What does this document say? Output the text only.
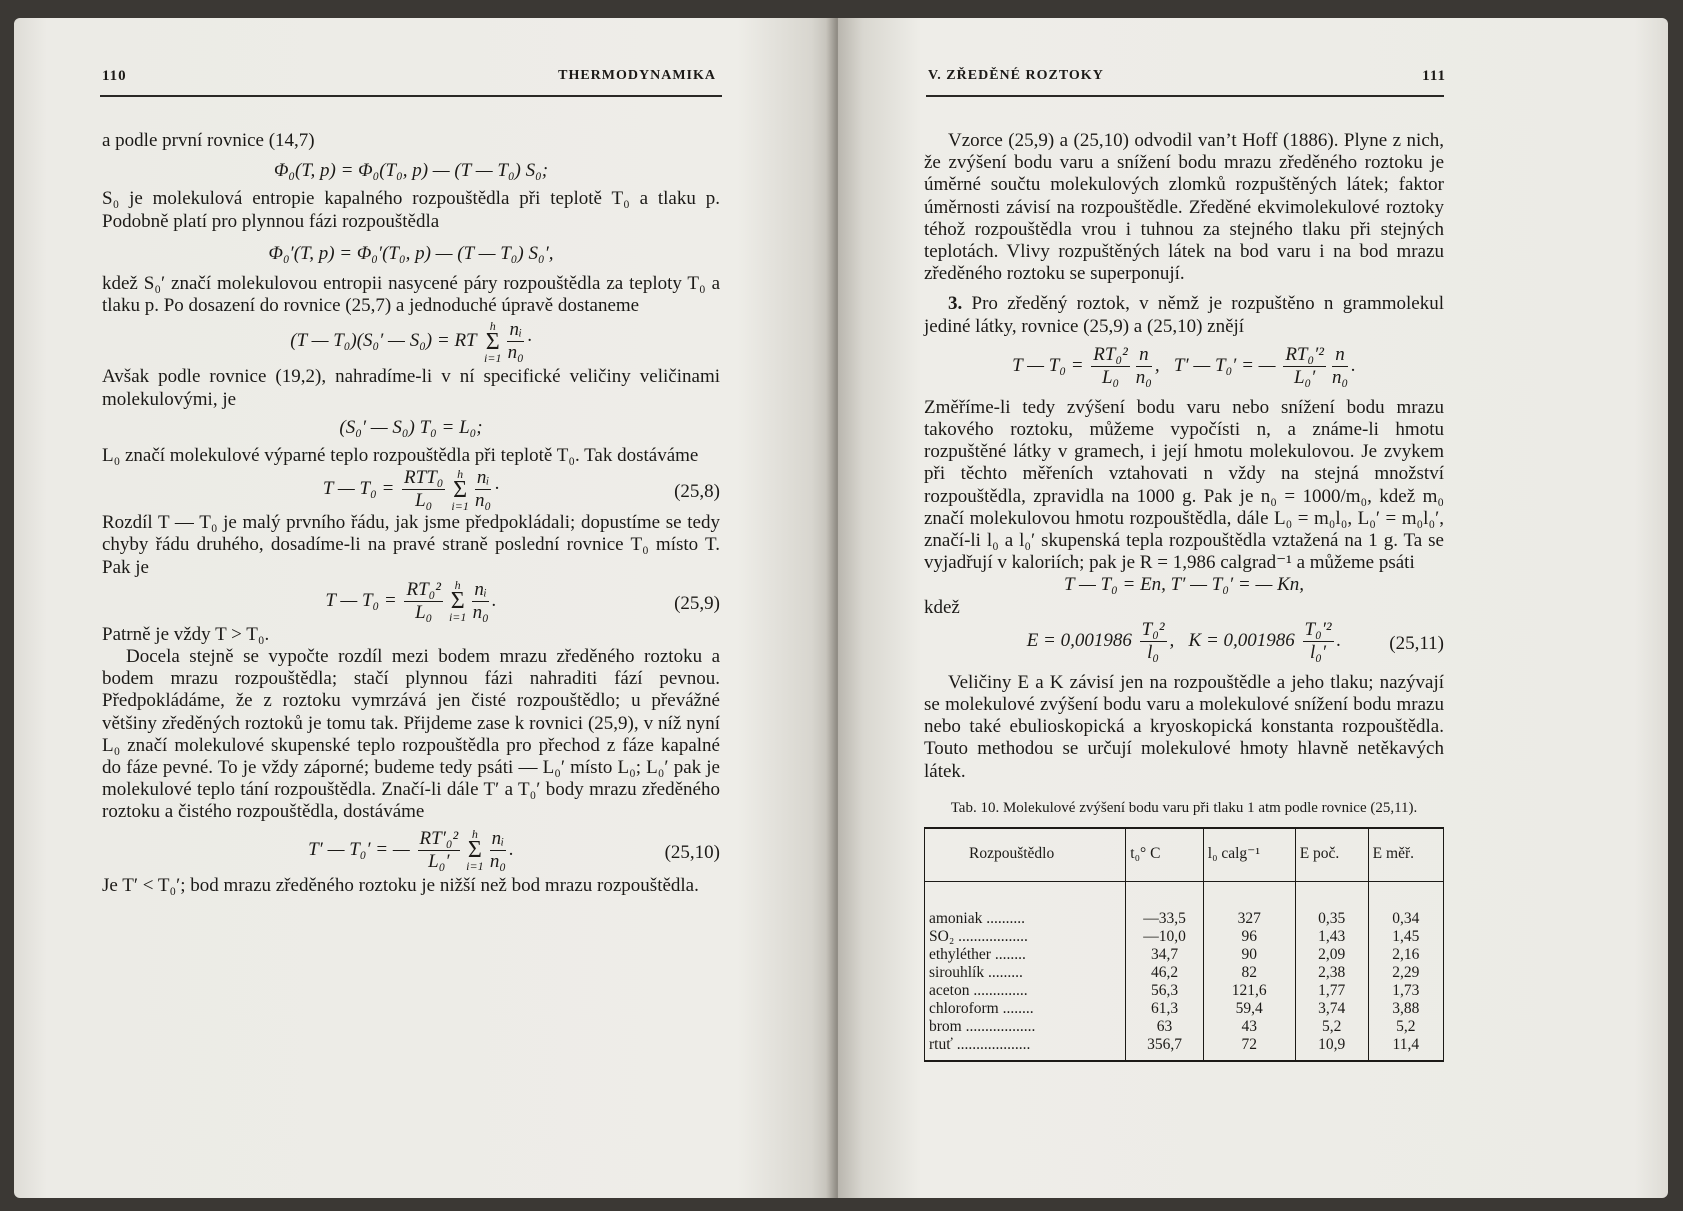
110	THERMODYNAMIKA

a podle první rovnice (14,7)

Φ₀(T, p) = Φ₀(T₀, p) — (T — T₀) S₀;

S₀ je molekulová entropie kapalného rozpouštědla při teplotě T₀ a tlaku p. Podobně platí pro plynnou fázi rozpouštědla

Φ₀′(T, p) = Φ₀′(T₀, p) — (T — T₀) S₀′,

kdež S₀′ značí molekulovou entropii nasycené páry rozpouštědla za teploty T₀ a tlaku p. Po dosazení do rovnice (25,7) a jednoduché úpravě dostaneme

(T — T₀)(S₀′ — S₀) = RT h
Σ
$i=1 \frac{\text{nᵢ}}{\text{n₀}}$ ·

Avšak podle rovnice (19,2), nahradíme-li v ní specifické veličiny veličinami molekulovými, je

(S₀′ — S₀) T₀ = L₀;

L₀ značí molekulové výparné teplo rozpouštědla při teplotě T₀. Tak dostáváme

T — T₀ =
RTT₀
L₀
h
Σ
$i=1 \frac{\text{nᵢ}}{\text{n₀}}$ ·	(25,8)

Rozdíl T — T₀ je malý prvního řádu, jak jsme předpokládali; dopustíme se tedy chyby řádu druhého, dosadíme-li na pravé straně poslední rovnice T₀ místo T. Pak je

T — $T_0 = \frac{\text{RT₀²}}{\text{L₀}}$ h
Σ
$i=1 \frac{\text{nᵢ}}{\text{n₀}}$ .	(25,9)

Patrně je vždy T > T₀.

Docela stejně se vypočte rozdíl mezi bodem mrazu zředěného roztoku a bodem mrazu rozpouštědla; stačí plynnou fázi nahraditi fází pevnou. Předpokládáme, že z roztoku vymrzává jen čisté rozpouštědlo; u převážné většiny zředěných roztoků je tomu tak. Přijdeme zase k rovnici (25,9), v níž nyní L₀ značí molekulové skupenské teplo rozpouštědla pro přechod z fáze kapalné do fáze pevné. To je vždy záporné; budeme tedy psáti — L₀′ místo L₀; L₀′ pak je molekulové teplo tání rozpouštědla. Značí-li dále T′ a T₀′ body mrazu zředěného roztoku a čistého rozpouštědla, dostáváme

T′ — T₀′ = — $\frac{\text{RT′₀²}}{\text{L₀′}}$ h
Σ
$i=1 \frac{\text{nᵢ}}{\text{n₀}}$ .	(25,10)

Je T′ < T₀′; bod mrazu zředěného roztoku je nižší než bod mrazu rozpouštědla.

V. ZŘEDĚNÉ ROZTOKY	111

Vzorce (25,9) a (25,10) odvodil van’t Hoff (1886). Plyne z nich, že zvýšení bodu varu a snížení bodu mrazu zředěného roztoku je úměrné součtu molekulových zlomků rozpuštěných látek; faktor úměrnosti závisí na rozpouštědle. Zředěné ekvimolekulové roztoky téhož rozpouštědla vrou i tuhnou za stejného tlaku při stejných teplotách. Vlivy rozpuštěných látek na bod varu i na bod mrazu zředěného roztoku se superponují.

3. Pro zředěný roztok, v němž je rozpuštěno n grammolekul jediné látky, rovnice (25,9) a (25,10) znějí

T — $T_0 = \frac{\text{RT₀²}}{\text{L₀}} \frac{n}{\text{n₀}}$ ,   T′ — T₀′ = — $\frac{\text{RT₀′²}}{\text{L₀′}} \frac{n}{\text{n₀}}$ .

Změříme-li tedy zvýšení bodu varu nebo snížení bodu mrazu takového roztoku, můžeme vypočísti n, a známe-li hmotu rozpuštěné látky v gramech, i její hmotu molekulovou. Je zvykem při těchto měřeních vztahovati n vždy na stejná množství rozpouštědla, zpravidla na 1000 g. Pak je n₀ = 1000/m₀, kdež m₀ značí molekulovou hmotu rozpouštědla, dále L₀ = m₀l₀, L₀′ = m₀l₀′, značí-li l₀ a l₀′ skupenská tepla rozpouštědla vztažená na 1 g. Ta se vyjadřují v kaloriích; pak je R = 1,986 calgrad⁻¹ a můžeme psáti

T — T₀ = En, T′ — T₀′ = — Kn,

kdež

$E = 0,001986 \frac{\text{T₀²}}{\text{l₀}}$ ,   $K = 0,001986 \frac{\text{T₀′²}}{\text{l₀′}}$ .	(25,11)

Veličiny E a K závisí jen na rozpouštědle a jeho tlaku; nazývají se molekulové zvýšení bodu varu a molekulové snížení bodu mrazu nebo také ebulioskopická a kryoskopická konstanta rozpouštědla. Touto methodou se určují molekulové hmoty hlavně netěkavých látek.

Tab. 10. Molekulové zvýšení bodu varu při tlaku 1 atm podle rovnice (25,11).

Rozpouštědlo	t₀° C	l₀ calg⁻¹	E poč.	E měř.
amoniak ..........	—33,5	327	0,35	0,34
SO₂ ..................	—10,0	96	1,43	1,45
ethyléther ........	34,7	90	2,09	2,16
sirouhlík .........	46,2	82	2,38	2,29
aceton ..............	56,3	121,6	1,77	1,73
chloroform ........	61,3	59,4	3,74	3,88
brom ..................	63	43	5,2	5,2
rtuť ...................	356,7	72	10,9	11,4
